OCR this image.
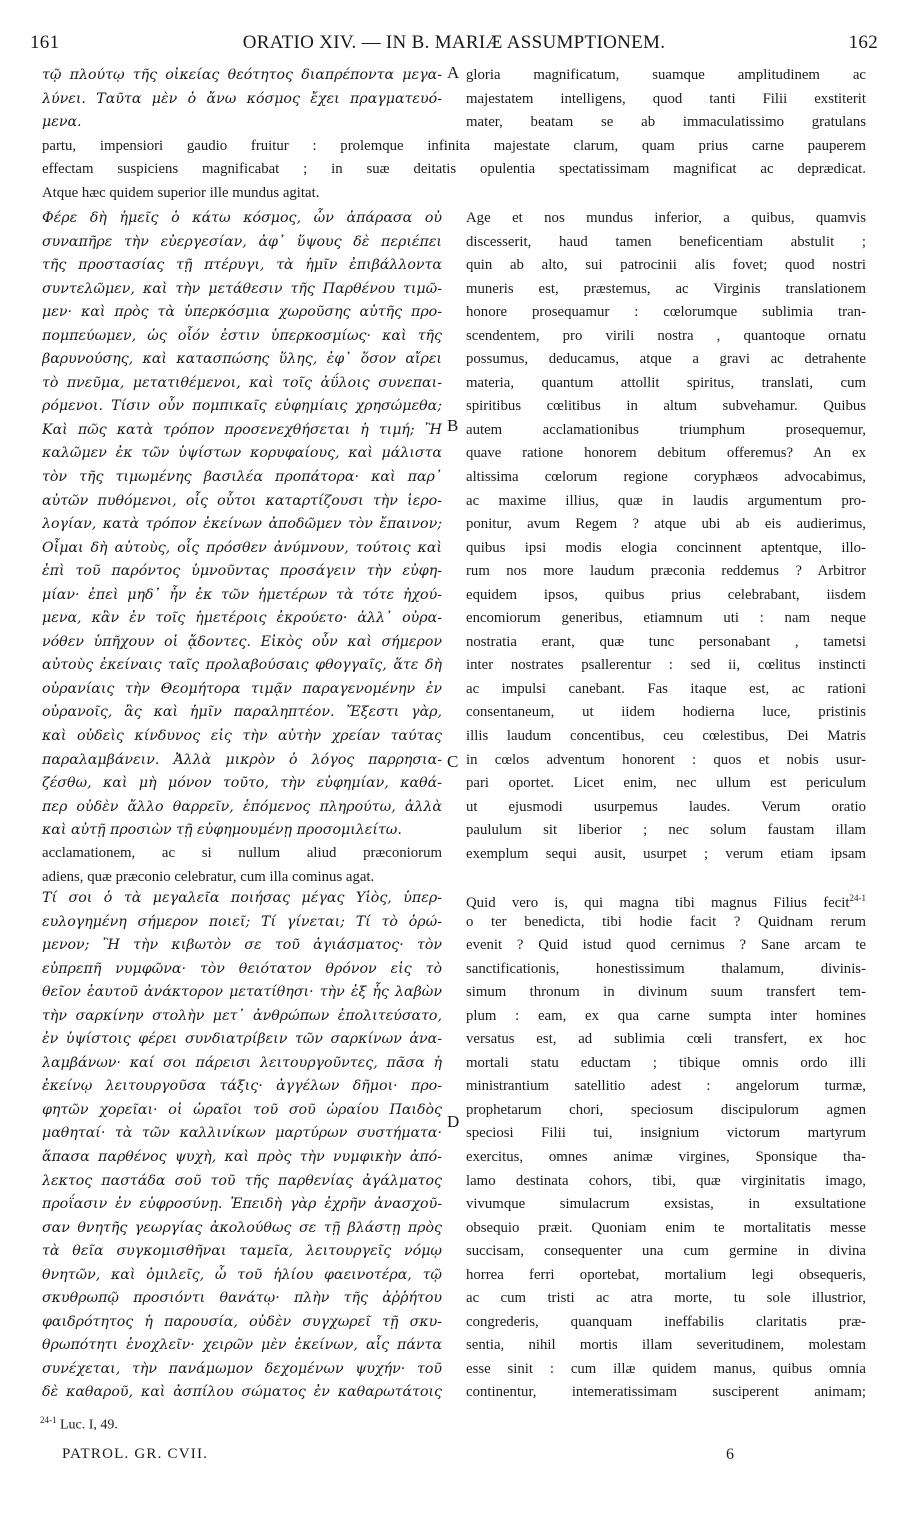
161	ORATIO XIV. — IN B. MARIÆ ASSUMPTIONEM.	162
τῷ πλούτῳ τῆς οἰκείας θεότητος διαπρέποντα μεγα-
λύνει. Ταῦτα μὲν ὁ ἄνω κόσμος ἔχει πραγματευό-
μενα.
gloria magnificatum, suamque amplitudinem ac
majestatem intelligens, quod tanti Filii exstiterit
mater, beatam se ab immaculatissimo gratulans
partu, impensiori gaudio fruitur : prolemque infinita majestate clarum, quam prius carne pauperem
effectam suspiciens magnificabat ; in suæ deitatis opulentia spectatissimam magnificat ac deprædicat.
Atque hæc quidem superior ille mundus agitat.
Φέρε δὴ ἡμεῖς ὁ κάτω κόσμος, ὧν ἀπάρασα οὐ
συναπῆρε τὴν εὐεργεσίαν, ἀφ᾽ ὕψους δὲ περιέπει
τῆς προστασίας τῇ πτέρυγι, τὰ ἡμῖν ἐπιβάλλοντα
συντελῶμεν, καὶ τὴν μετάθεσιν τῆς Παρθένου τιμῶ-
μεν· καὶ πρὸς τὰ ὑπερκόσμια χωροῦσης αὐτῆς προ-
πομπεύωμεν, ὡς οἷόν ἐστιν ὑπερκοσμίως· καὶ τῆς
βαρυνούσης, καὶ κατασπώσης ὕλης, ἐφ᾽ ὅσον αἴρει
τὸ πνεῦμα, μετατιθέμενοι, καὶ τοῖς ἀΰλοις συνεπαι-
ρόμενοι. Τίσιν οὖν πομπικαῖς εὐφημίαις χρησώμεθα;
Καὶ πῶς κατὰ τρόπον προσενεχθήσεται ἡ τιμή; Ἢ
καλῶμεν ἐκ τῶν ὑψίστων κορυφαίους, καὶ μάλιστα
τὸν τῆς τιμωμένης βασιλέα προπάτορα· καὶ παρ᾽
αὐτῶν πυθόμενοι, οἷς οὗτοι καταρτίζουσι τὴν ἱερο-
λογίαν, κατὰ τρόπον ἐκείνων ἀποδῶμεν τὸν ἔπαινον;
Οἶμαι δὴ αὐτοὺς, οἷς πρόσθεν ἀνύμνουν, τούτοις καὶ
ἐπὶ τοῦ παρόντος ὑμνοῦντας προσάγειν τὴν εὐφη-
μίαν· ἐπεὶ μηδ᾽ ἦν ἐκ τῶν ἡμετέρων τὰ τότε ἠχού-
μενα, κἂν ἐν τοῖς ἡμετέροις ἐκρούετο· ἀλλ᾽ οὐρα-
νόθεν ὑπῆχουν οἱ ᾄδοντες. Εἰκὸς οὖν καὶ σήμερον
αὐτοὺς ἐκείναις ταῖς προλαβούσαις φθογγαῖς, ἅτε δὴ
οὐρανίαις τὴν Θεομήτορα τιμᾷν παραγενομένην ἐν
οὐρανοῖς, ἃς καὶ ἡμῖν παραληπτέον. Ἔξεστι γὰρ,
καὶ οὐδεὶς κίνδυνος εἰς τὴν αὐτὴν χρείαν ταύτας
παραλαμβάνειν. Ἀλλὰ μικρὸν ὁ λόγος παρρησια-
ζέσθω, καὶ μὴ μόνον τοῦτο, τὴν εὐφημίαν, καθά-
περ οὐδὲν ἄλλο θαρρεῖν, ἑπόμενος πληρούτω, ἀλλὰ
καὶ αὐτῇ προσιὼν τῇ εὐφημουμένῃ προσομιλείτω.
Age et nos mundus inferior, a quibus, quamvis
discesserit, haud tamen beneficentiam abstulit ;
quin ab alto, sui patrocinii alis fovet; quod nostri
muneris est, præstemus, ac Virginis translationem
honore prosequamur : cœlorumque sublimia tran-
scendentem, pro virili nostra , quantoque ornatu
possumus, deducamus, atque a gravi ac detrahente
materia, quantum attollit spiritus, translati, cum
spiritibus cœlitibus in altum subvehamur. Quibus
autem acclamationibus triumphum prosequemur,
quave ratione honorem debitum offeremus? An ex
altissima cœlorum regione coryphæos advocabimus,
ac maxime illius, quæ in laudis argumentum pro-
ponitur, avum Regem ? atque ubi ab eis audierimus,
quibus ipsi modis elogia concinnent aptentque, illo-
rum nos more laudum præconia reddemus ? Arbitror
equidem ipsos, quibus prius celebrabant, iisdem
encomiorum generibus, etiamnum uti : nam neque
nostratia erant, quæ tunc personabant , tametsi
inter nostrates psallerentur : sed ii, cœlitus instincti
ac impulsi canebant. Fas itaque est, ac rationi
consentaneum, ut iidem hodierna luce, pristinis
illis laudum concentibus, ceu cœlestibus, Dei Matris
in cœlos adventum honorent : quos et nobis usur-
pari oportet. Licet enim, nec ullum est periculum
ut ejusmodi usurpemus laudes. Verum oratio
paululum sit liberior ; nec solum faustam illam
exemplum sequi ausit, usurpet ; verum etiam ipsam
acclamationem, ac si nullum aliud præconiorum
adiens, quæ præconio celebratur, cum illa cominus agat.
Τί σοι ὁ τὰ μεγαλεῖα ποιήσας μέγας Υἱὸς, ὑπερ-
ευλογημένη σήμερον ποιεῖ; Τί γίνεται; Τί τὸ ὁρώ-
μενον; Ἢ τὴν κιβωτὸν σε τοῦ ἁγιάσματος· τὸν
εὐπρεπῆ νυμφῶνα· τὸν θειότατον θρόνον εἰς τὸ
θεῖον ἑαυτοῦ ἀνάκτορον μετατίθησι· τὴν ἐξ ἧς λαβὼν
τὴν σαρκίνην στολὴν μετ᾽ ἀνθρώπων ἐπολιτεύσατο,
ἐν ὑψίστοις φέρει συνδιατρίβειν τῶν σαρκίνων ἀνα-
λαμβάνων· καί σοι πάρεισι λειτουργοῦντες, πᾶσα ἡ
ἐκείνῳ λειτουργοῦσα τάξις· ἀγγέλων δῆμοι· προ-
φητῶν χορεῖαι· οἱ ὡραῖοι τοῦ σοῦ ὡραίου Παιδὸς
μαθηταί· τὰ τῶν καλλινίκων μαρτύρων συστήματα·
ἅπασα παρθένος ψυχὴ, καὶ πρὸς τὴν νυμφικὴν ἀπό-
λεκτος παστάδα σοῦ τοῦ τῆς παρθενίας ἀγάλματος
προΐασιν ἐν εὐφροσύνῃ. Ἐπειδὴ γὰρ ἐχρῆν ἀνασχοῦ-
σαν θνητῆς γεωργίας ἀκολούθως σε τῇ βλάστῃ πρὸς
τὰ θεῖα συγκομισθῆναι ταμεῖα, λειτουργεῖς νόμῳ
θνητῶν, καὶ ὁμιλεῖς, ὦ τοῦ ἡλίου φαεινοτέρα, τῷ
σκυθρωπῷ προσιόντι θανάτῳ· πλὴν τῆς ἀῤῥήτου
φαιδρότητος ἡ παρουσία, οὐδὲν συγχωρεῖ τῇ σκυ-
θρωπότητι ἐνοχλεῖν· χειρῶν μὲν ἐκείνων, αἷς πάντα
συνέχεται, τὴν πανάμωμον δεχομένων ψυχήν· τοῦ
δὲ καθαροῦ, καὶ ἀσπίλου σώματος ἐν καθαρωτάτοις
Quid vero is, qui magna tibi magnus Filius fecit$^{24-1}$
o ter benedicta, tibi hodie facit ? Quidnam rerum
evenit ? Quid istud quod cernimus ? Sane arcam te
sanctificationis, honestissimum thalamum, divinis-
simum thronum in divinum suum transfert tem-
plum : eam, ex qua carne sumpta inter homines
versatus est, ad sublimia cœli transfert, ex hoc
mortali statu eductam ; tibique omnis ordo illi
ministrantium satellitio adest : angelorum turmæ,
prophetarum chori, speciosum discipulorum agmen
speciosi Filii tui, insignium victorum martyrum
exercitus, omnes animæ virgines, Sponsique tha-
lamo destinata cohors, tibi, quæ virginitatis imago,
vivumque simulacrum exsistas, in exsultatione
obsequio præit. Quoniam enim te mortalitatis messe
succisam, consequenter una cum germine in divina
horrea ferri oportebat, mortalium legi obsequeris,
ac cum tristi ac atra morte, tu sole illustrior,
congrederis, quanquam ineffabilis claritatis præ-
sentia, nihil mortis illam severitudinem, molestam
esse sinit : cum illæ quidem manus, quibus omnia
continentur, intemeratissimam susciperent animam;
A
B
C
D
$^{24-1}$ Luc. I, 49.
PATROL. GR. CVII.	6
